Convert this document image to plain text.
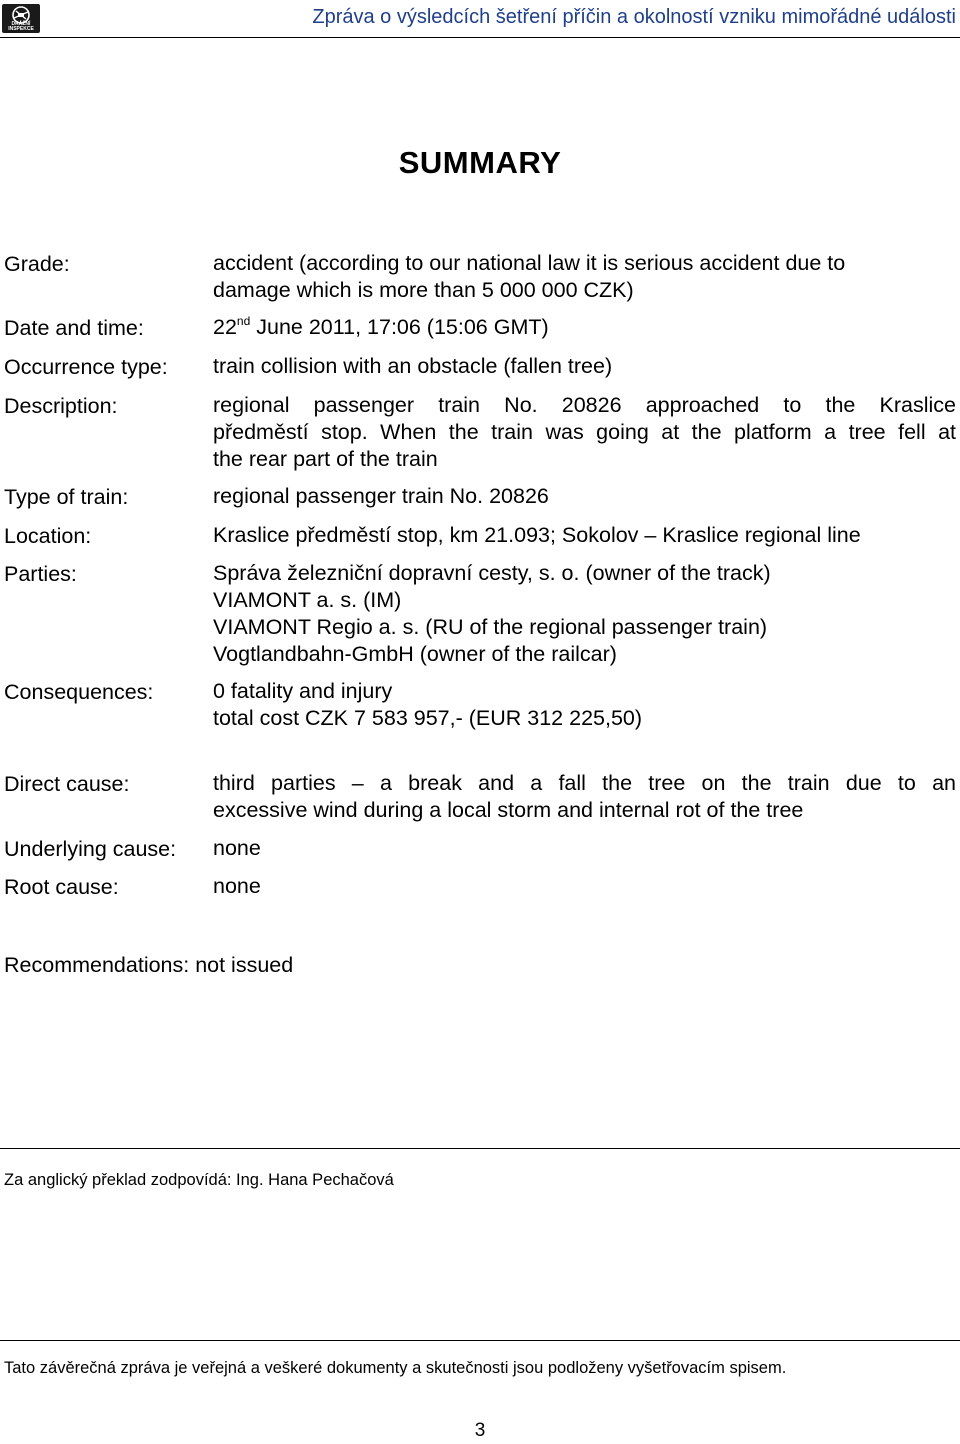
DRÁŽNÍ INSPEKCE
Zpráva o výsledcích šetření příčin a okolností vzniku mimořádné události
SUMMARY
Grade:	accident (according to our national law it is serious accident due to
damage which is more than 5 000 000 CZK)
Date and time:	22nd June 2011, 17:06 (15:06 GMT)
Occurrence type: train collision with an obstacle (fallen tree)
Description:	regional passenger train No. 20826 approached to the Kraslice
předměstí stop. When the train was going at the platform a tree fell at
the rear part of the train
Type of train:	regional passenger train No. 20826
Location:	Kraslice předměstí stop, km 21.093; Sokolov – Kraslice regional line
Parties:	Správa železniční dopravní cesty, s. o. (owner of the track)
VIAMONT a. s. (IM)
VIAMONT Regio a. s. (RU of the regional passenger train)
Vogtlandbahn-GmbH (owner of the railcar)
Consequences:	0 fatality and injury
total cost CZK 7 583 957,- (EUR 312 225,50)
Direct cause:	third parties – a break and a fall the tree on the train due to an
excessive wind during a local storm and internal rot of the tree
Underlying cause: none
Root cause:	none
Recommendations: not issued
Za anglický překlad zodpovídá: Ing. Hana Pechačová
Tato závěrečná zpráva je veřejná a veškeré dokumenty a skutečnosti jsou podloženy vyšetřovacím spisem.
3
